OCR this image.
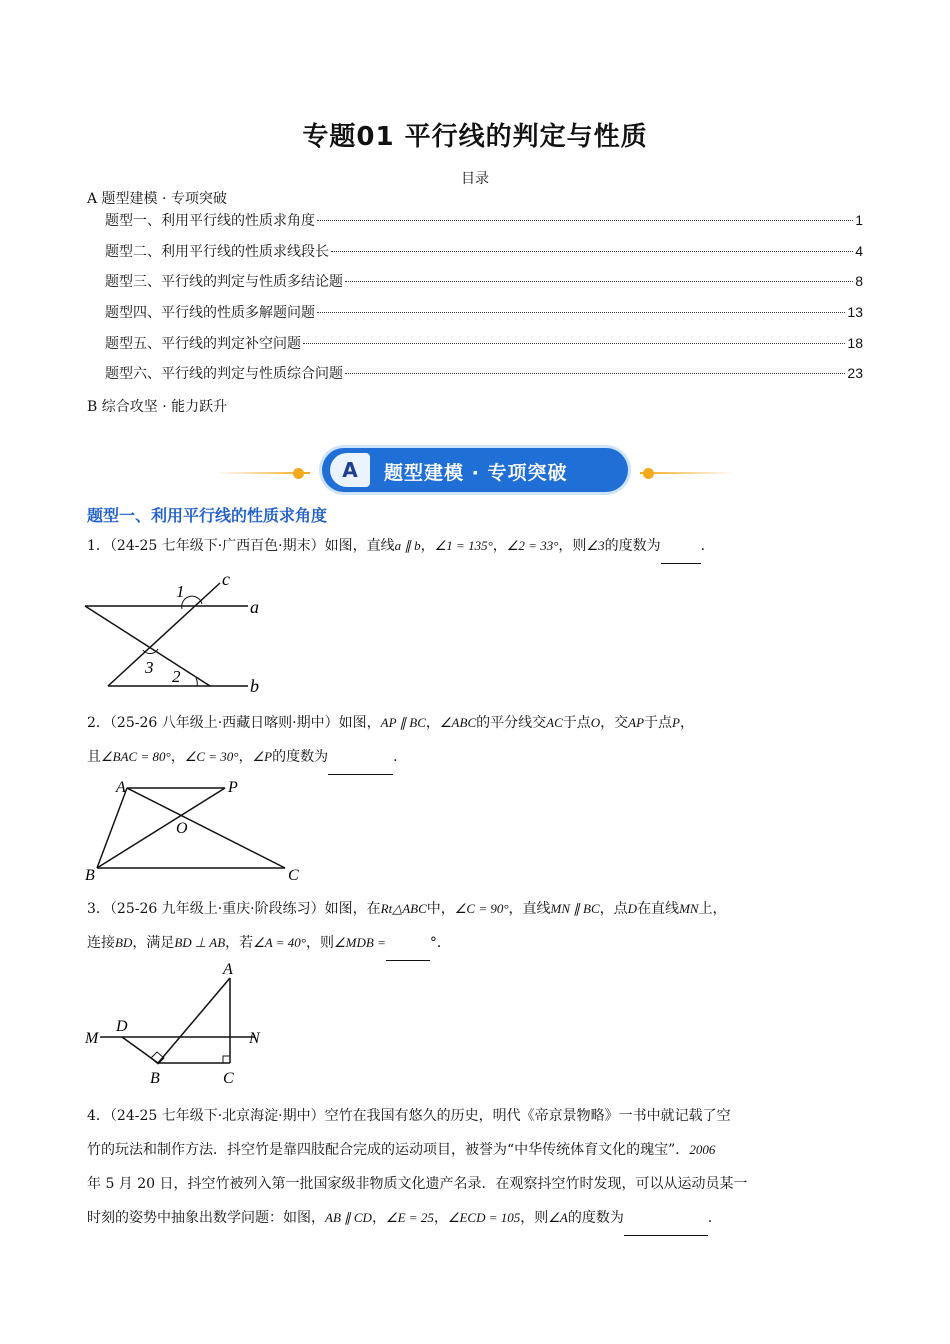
专题01 平行线的判定与性质
目录
A 题型建模 · 专项突破
题型一、利用平行线的性质求角度	1
题型二、利用平行线的性质求线段长	4
题型三、平行线的判定与性质多结论题	8
题型四、平行线的性质多解题问题	13
题型五、平行线的判定补空问题	18
题型六、平行线的判定与性质综合问题	23
B 综合攻坚 · 能力跃升
A	题型建模 · 专项突破
题型一、利用平行线的性质求角度
1．（24-25 七年级下·广西百色·期末）如图，直线a ∥ b，∠1 = 135°，∠2 = 33°，则∠3的度数为	．
1
3 2
a
b
c
2．（25-26 八年级上·西藏日喀则·期中）如图，AP ∥ BC，∠ABC的平分线交AC于点O，交AP于点P，
且∠BAC = 80°，∠C = 30°，∠P的度数为	．
A	P
O
B	C
3．（25-26 九年级上·重庆·阶段练习）如图，在Rt△ABC中，∠C = 90°，直线MN ∥ BC，点D在直线MN上，
连接BD，满足BD ⊥ AB，若∠A = 40°，则∠MDB =	°．
A
D
M	N
B	C
4．（24-25 七年级下·北京海淀·期中）空竹在我国有悠久的历史，明代《帝京景物略》一书中就记载了空
竹的玩法和制作方法．抖空竹是靠四肢配合完成的运动项目，被誉为“中华传统体育文化的瑰宝”．2006
年 5 月 20 日，抖空竹被列入第一批国家级非物质文化遗产名录．在观察抖空竹时发现，可以从运动员某一
时刻的姿势中抽象出数学问题：如图，AB ∥ CD，∠E = 25，∠ECD = 105，则∠A的度数为	．
